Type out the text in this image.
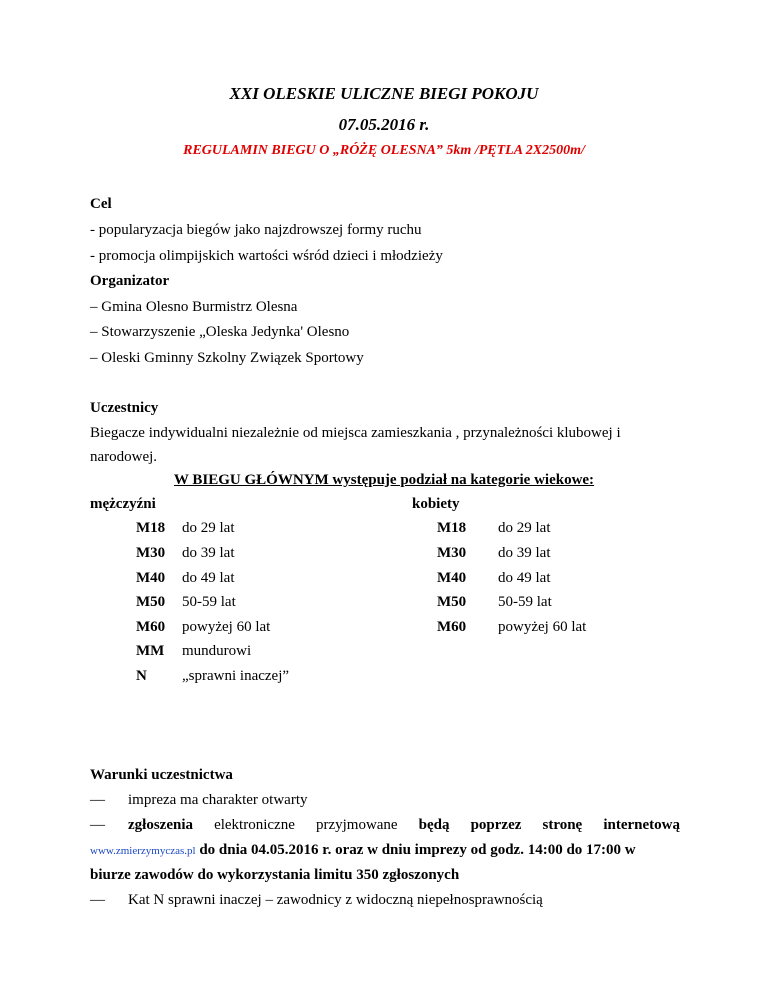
XXI OLESKIE ULICZNE BIEGI POKOJU
07.05.2016 r.
REGULAMIN BIEGU O „RÓŻĘ OLESNA” 5km /PĘTLA 2X2500m/
Cel
- popularyzacja biegów jako najzdrowszej formy ruchu
- promocja olimpijskich wartości wśród dzieci i młodzieży
Organizator
– Gmina Olesno Burmistrz Olesna
– Stowarzyszenie „Oleska Jedynka' Olesno
– Oleski Gminny Szkolny Związek Sportowy
Uczestnicy
Biegacze indywidualni niezależnie od miejsca zamieszkania , przynależności klubowej i
narodowej.
W BIEGU GŁÓWNYM występuje podział na kategorie wiekowe:
mężczyźni	kobiety
M18 do 29 lat
M30 do 39 lat
M40 do 49 lat
M50 50-59 lat
M60 powyżej 60 lat
MM mundurowi
N „sprawni inaczej”
M18 do 29 lat
M30 do 39 lat
M40 do 49 lat
M50 50-59 lat
M60 powyżej 60 lat
Warunki uczestnictwa
— impreza ma charakter otwarty
— zgłoszenia elektroniczne przyjmowane będą poprzez stronę internetową
www.zmierzymyczas.pl do dnia 04.05.2016 r. oraz w dniu imprezy od godz. 14:00 do 17:00 w
biurze zawodów do wykorzystania limitu 350 zgłoszonych
— Kat N sprawni inaczej – zawodnicy z widoczną niepełnosprawnością
